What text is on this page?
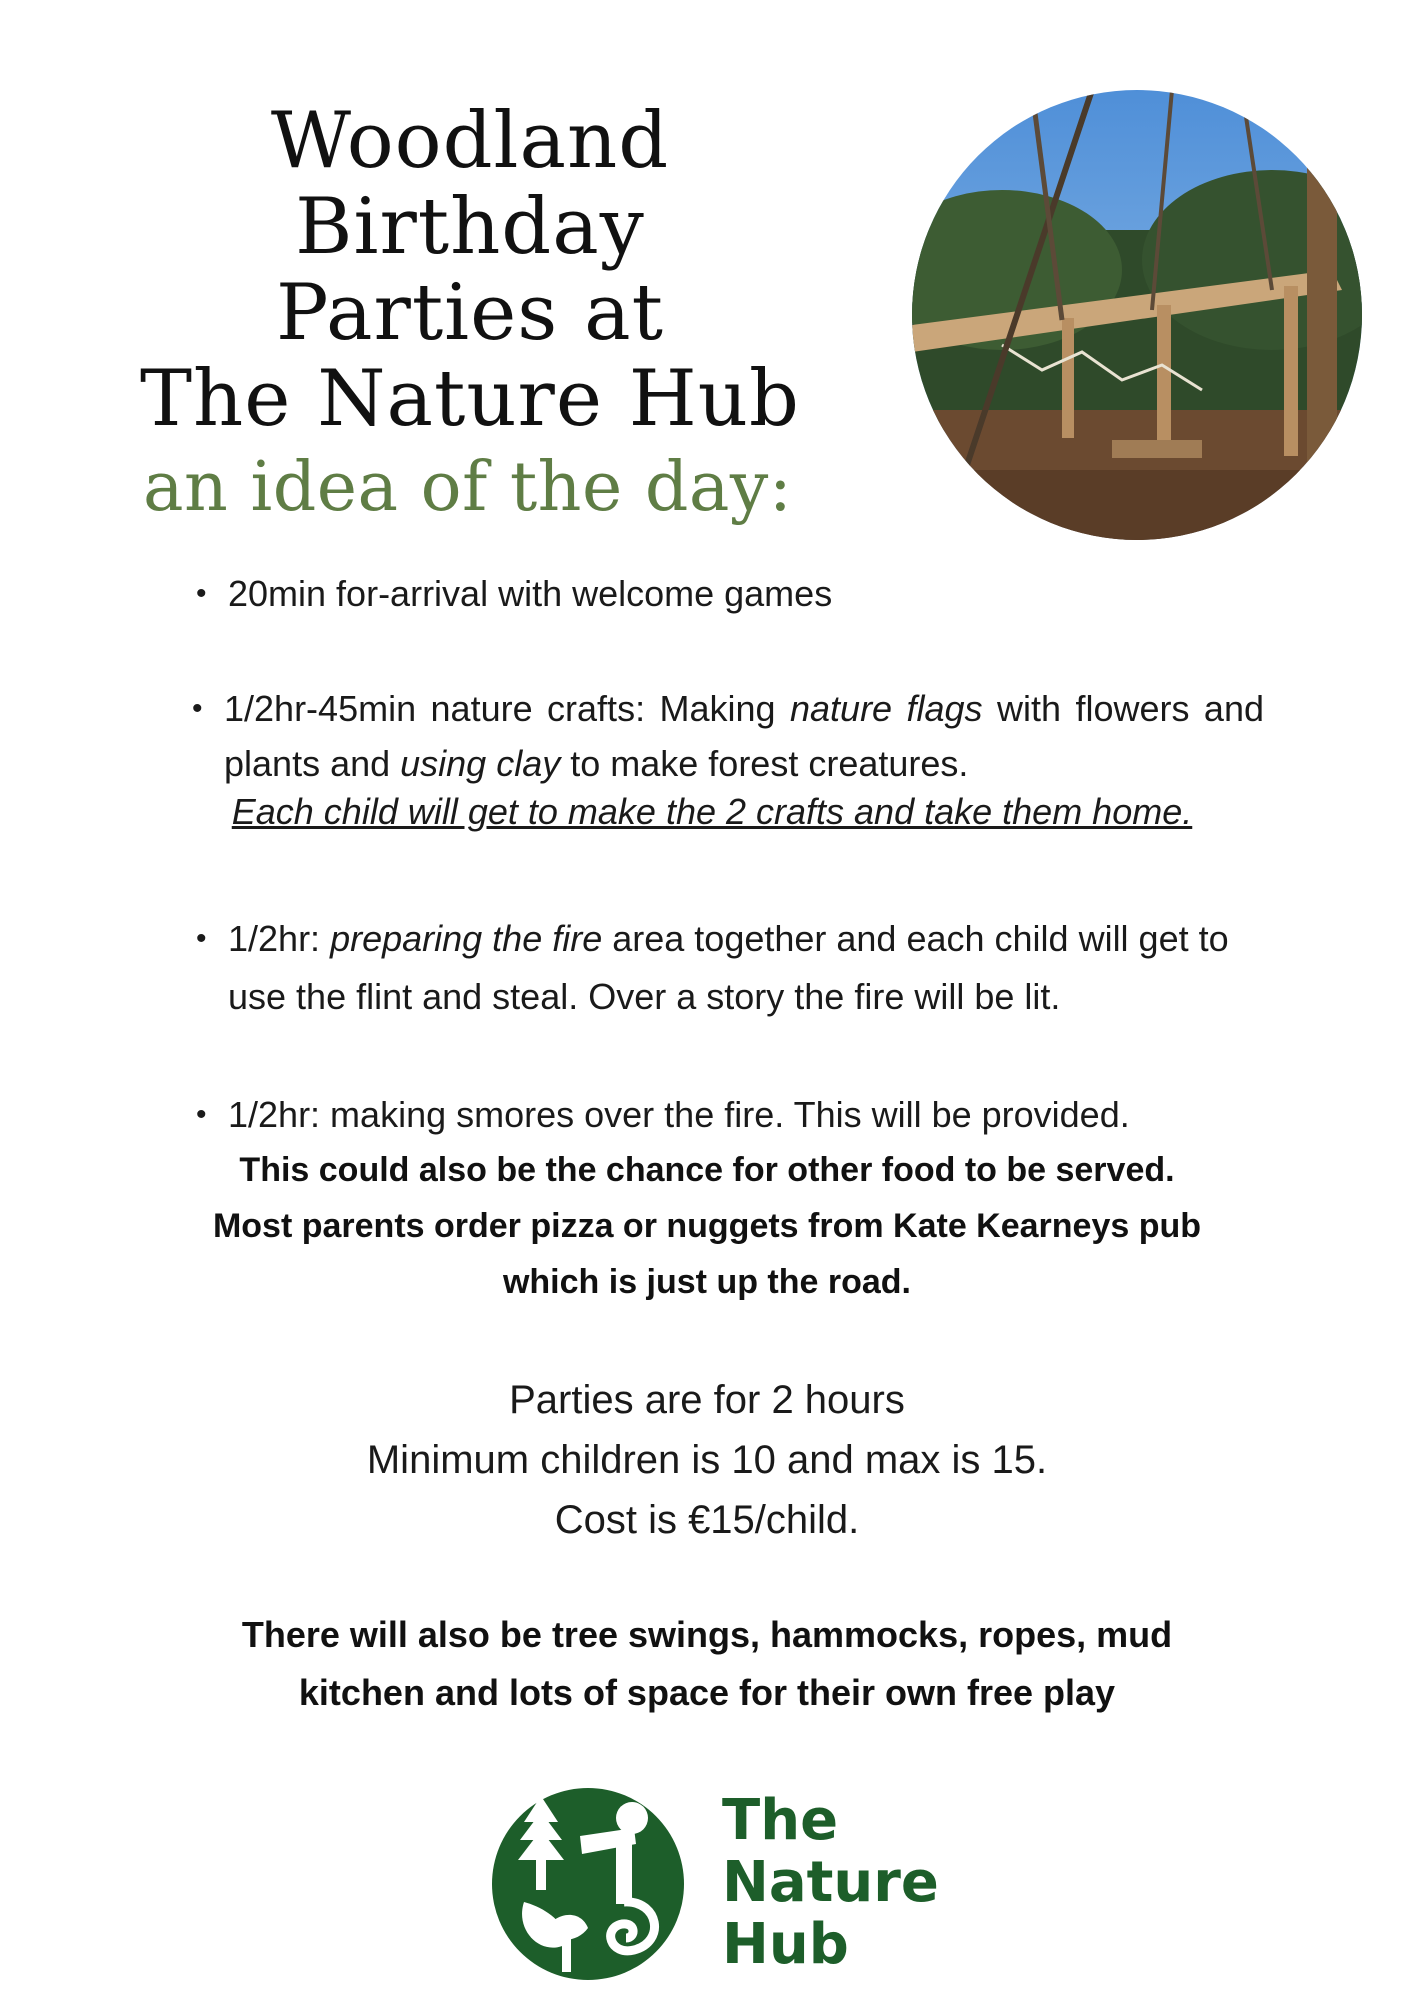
Woodland Birthday
Parties at
The Nature Hub
an idea of the day:
• 20min for-arrival with welcome games
• 1/2hr-45min nature crafts: Making nature flags with flowers and
plants and using clay to make forest creatures.
Each child will get to make the 2 crafts and take them home.
• 1/2hr: preparing the fire area together and each child will get to use the flint and steal. Over a story the fire will be lit.
• 1/2hr: making smores over the fire. This will be provided.
This could also be the chance for other food to be served.
Most parents order pizza or nuggets from Kate Kearneys pub
which is just up the road.
Parties are for 2 hours
Minimum children is 10 and max is 15.
Cost is €15/child.
There will also be tree swings, hammocks, ropes, mud
kitchen and lots of space for their own free play
The
Nature
Hub
